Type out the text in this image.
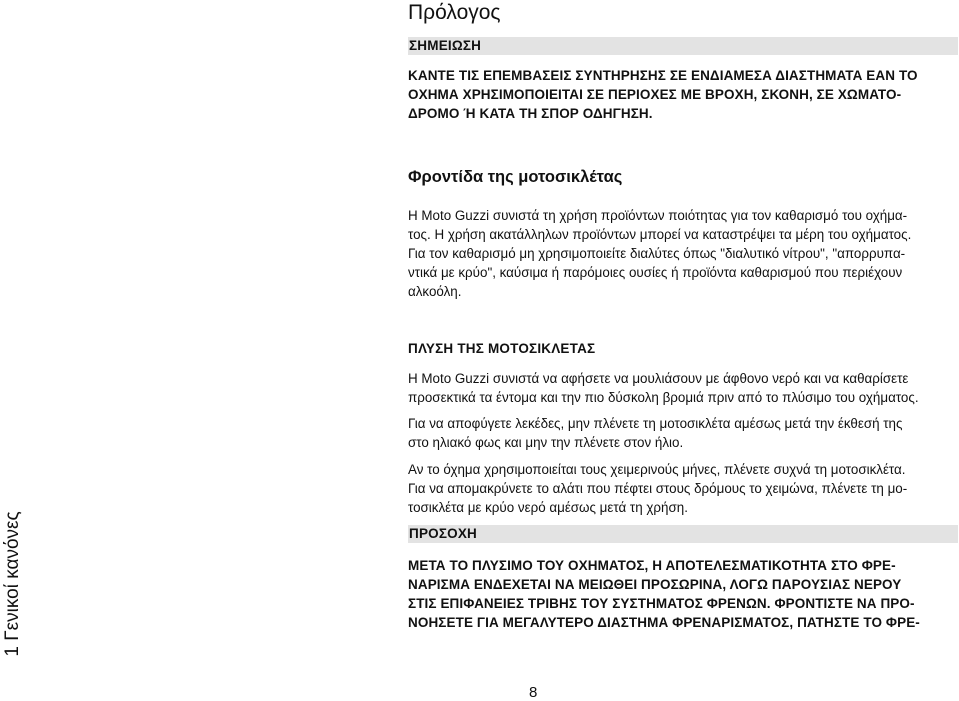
1 Γενικοί κανόνες
Πρόλογος
ΣΗΜΕΙΩΣΗ
ΚΑΝΤΕ ΤΙΣ ΕΠΕΜΒΑΣΕΙΣ ΣΥΝΤΗΡΗΣΗΣ ΣΕ ΕΝΔΙΑΜΕΣΑ ΔΙΑΣΤΗΜΑΤΑ ΕΑΝ ΤΟ
ΟΧΗΜΑ ΧΡΗΣΙΜΟΠΟΙΕΙΤΑΙ ΣΕ ΠΕΡΙΟΧΕΣ ΜΕ ΒΡΟΧΗ, ΣΚΟΝΗ, ΣΕ ΧΩΜΑΤΟ-
ΔΡΟΜΟ Ή ΚΑΤΑ ΤΗ ΣΠΟΡ ΟΔΗΓΗΣΗ.
Φροντίδα της μοτοσικλέτας
Η Moto Guzzi συνιστά τη χρήση προϊόντων ποιότητας για τον καθαρισμό του οχήμα-
τος. Η χρήση ακατάλληλων προϊόντων μπορεί να καταστρέψει τα μέρη του οχήματος.
Για τον καθαρισμό μη χρησιμοποιείτε διαλύτες όπως "διαλυτικό νίτρου", "απορρυπα-
ντικά με κρύο", καύσιμα ή παρόμοιες ουσίες ή προϊόντα καθαρισμού που περιέχουν
αλκοόλη.
ΠΛΥΣΗ ΤΗΣ ΜΟΤΟΣΙΚΛΕΤΑΣ
Η Moto Guzzi συνιστά να αφήσετε να μουλιάσουν με άφθονο νερό και να καθαρίσετε
προσεκτικά τα έντομα και την πιο δύσκολη βρομιά πριν από το πλύσιμο του οχήματος.
Για να αποφύγετε λεκέδες, μην πλένετε τη μοτοσικλέτα αμέσως μετά την έκθεσή της
στο ηλιακό φως και μην την πλένετε στον ήλιο.
Αν το όχημα χρησιμοποιείται τους χειμερινούς μήνες, πλένετε συχνά τη μοτοσικλέτα.
Για να απομακρύνετε το αλάτι που πέφτει στους δρόμους το χειμώνα, πλένετε τη μο-
τοσικλέτα με κρύο νερό αμέσως μετά τη χρήση.
ΠΡΟΣΟΧΗ
ΜΕΤΑ ΤΟ ΠΛΥΣΙΜΟ ΤΟΥ ΟΧΗΜΑΤΟΣ, Η ΑΠΟΤΕΛΕΣΜΑΤΙΚΟΤΗΤΑ ΣΤΟ ΦΡΕ-
ΝΑΡΙΣΜΑ ΕΝΔΕΧΕΤΑΙ ΝΑ ΜΕΙΩΘΕΙ ΠΡΟΣΩΡΙΝΑ, ΛΟΓΩ ΠΑΡΟΥΣΙΑΣ ΝΕΡΟΥ
ΣΤΙΣ ΕΠΙΦΑΝΕΙΕΣ ΤΡΙΒΗΣ ΤΟΥ ΣΥΣΤΗΜΑΤΟΣ ΦΡΕΝΩΝ. ΦΡΟΝΤΙΣΤΕ ΝΑ ΠΡΟ-
ΝΟΗΣΕΤΕ ΓΙΑ ΜΕΓΑΛΥΤΕΡΟ ΔΙΑΣΤΗΜΑ ΦΡΕΝΑΡΙΣΜΑΤΟΣ, ΠΑΤΗΣΤΕ ΤΟ ΦΡΕ-
8
